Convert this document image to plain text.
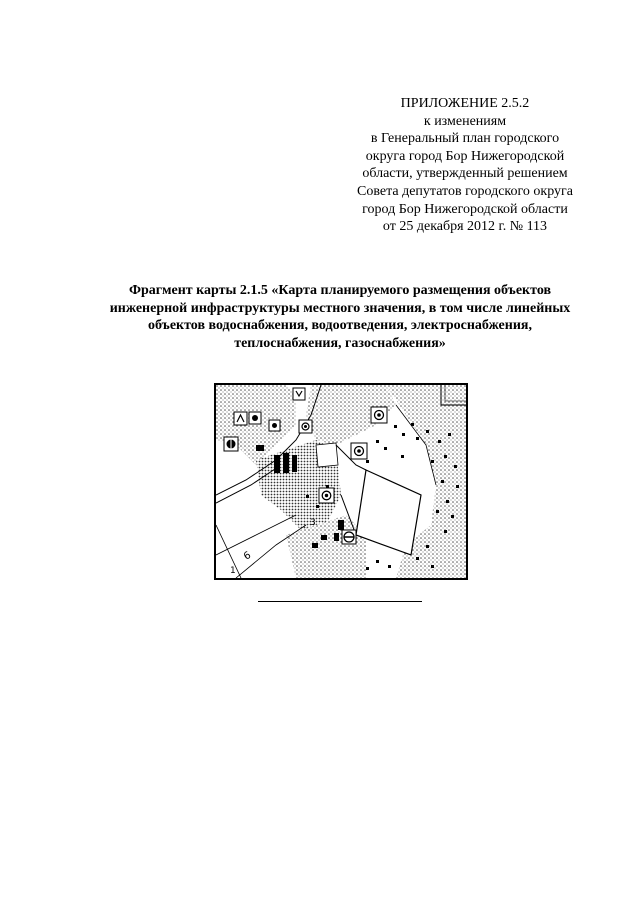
ПРИЛОЖЕНИЕ 2.5.2
к изменениям
в Генеральный план городского
округа город Бор Нижегородской
области, утвержденный решением
Совета депутатов городского округа
город Бор Нижегородской области
от 25 декабря 2012 г. № 113
Фрагмент карты 2.1.5 «Карта планируемого размещения объектов
инженерной инфраструктуры местного значения, в том числе линейных
объектов водоснабжения, водоотведения, электроснабжения,
теплоснабжения, газоснабжения»
6
3
1
